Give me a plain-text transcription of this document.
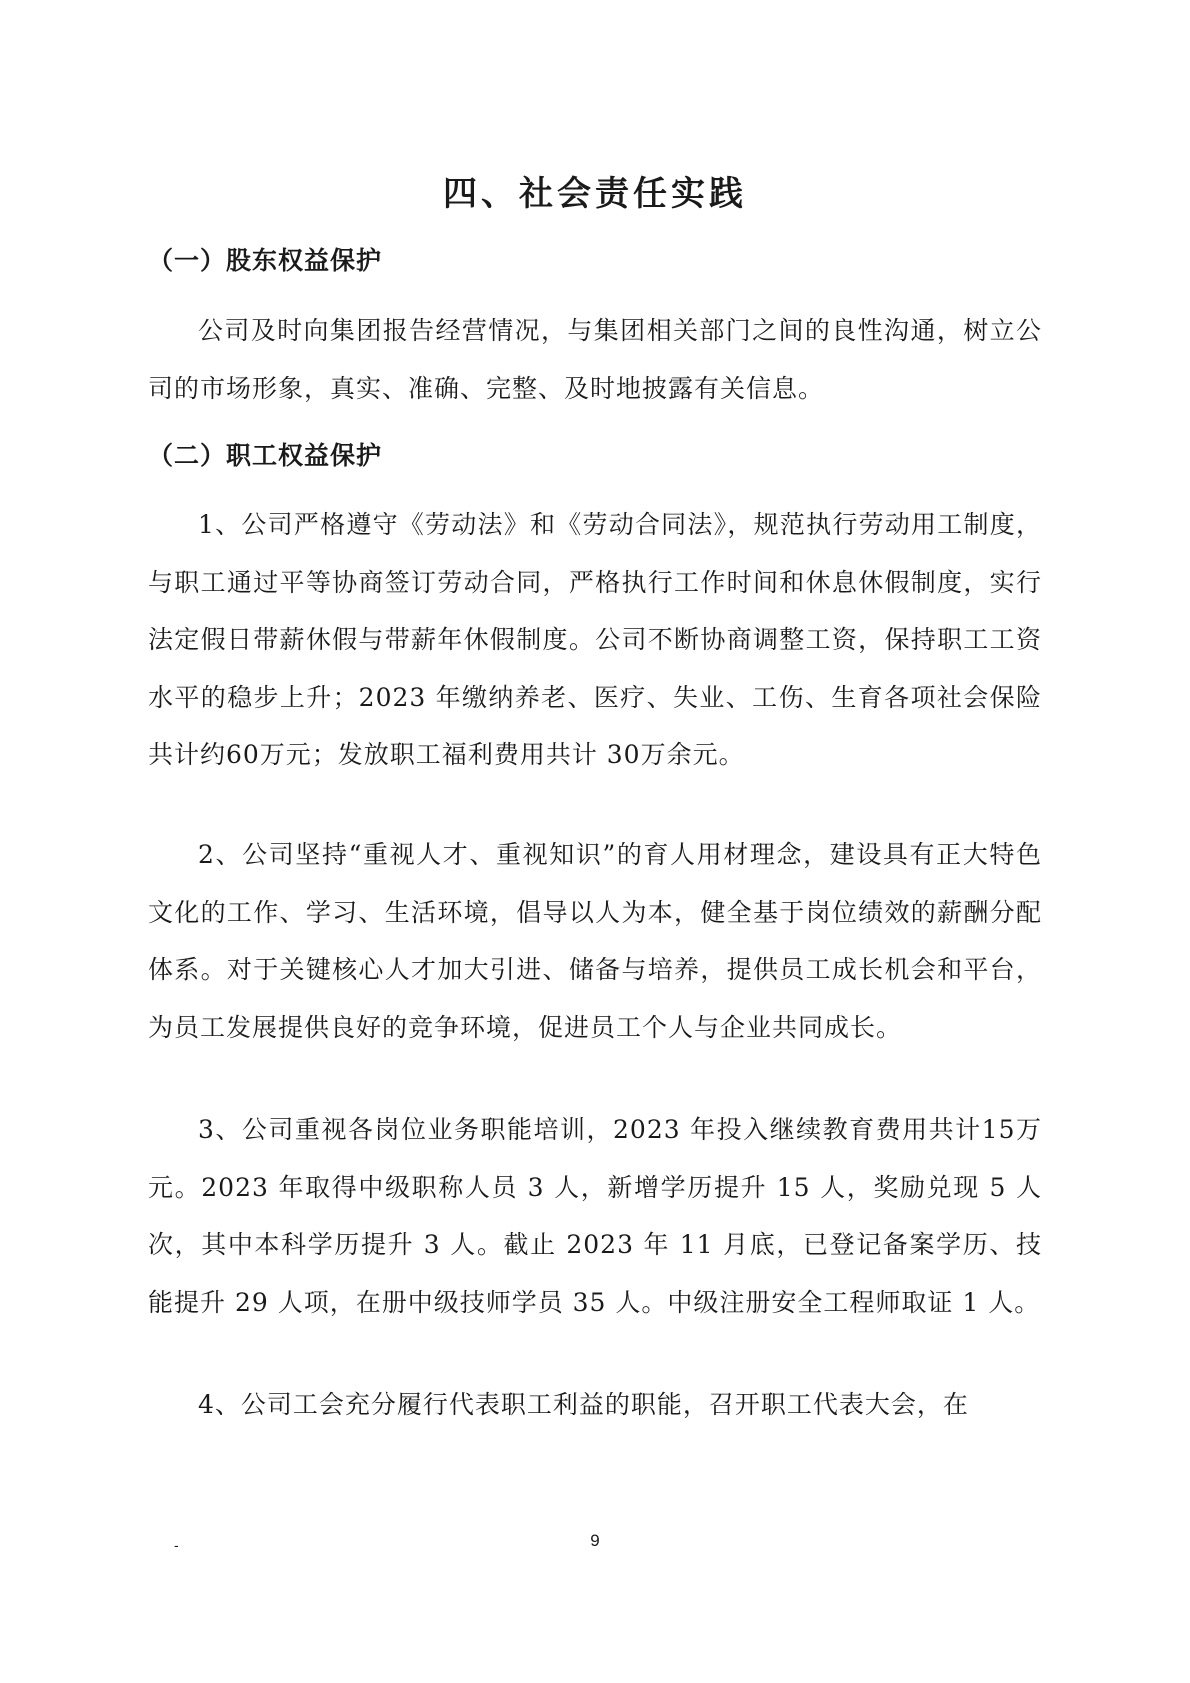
四、社会责任实践
（一）股东权益保护

公司及时向集团报告经营情况，与集团相关部门之间的良性沟通，树立公司的市场形象，真实、准确、完整、及时地披露有关信息。

（二）职工权益保护

1、公司严格遵守《劳动法》和《劳动合同法》，规范执行劳动用工制度，与职工通过平等协商签订劳动合同，严格执行工作时间和休息休假制度，实行法定假日带薪休假与带薪年休假制度。公司不断协商调整工资，保持职工工资水平的稳步上升；2023 年缴纳养老、医疗、失业、工伤、生育各项社会保险共计约60万元；发放职工福利费用共计 30万余元。

2、公司坚持“重视人才、重视知识”的育人用材理念，建设具有正大特色文化的工作、学习、生活环境，倡导以人为本，健全基于岗位绩效的薪酬分配体系。对于关键核心人才加大引进、储备与培养，提供员工成长机会和平台，为员工发展提供良好的竞争环境，促进员工个人与企业共同成长。

3、公司重视各岗位业务职能培训，2023 年投入继续教育费用共计15万元。2023 年取得中级职称人员 3 人，新增学历提升 15 人，奖励兑现 5 人次，其中本科学历提升 3 人。截止 2023 年 11 月底，已登记备案学历、技能提升 29 人项，在册中级技师学员 35 人。中级注册安全工程师取证 1 人。

4、公司工会充分履行代表职工利益的职能，召开职工代表大会，在

-	9
